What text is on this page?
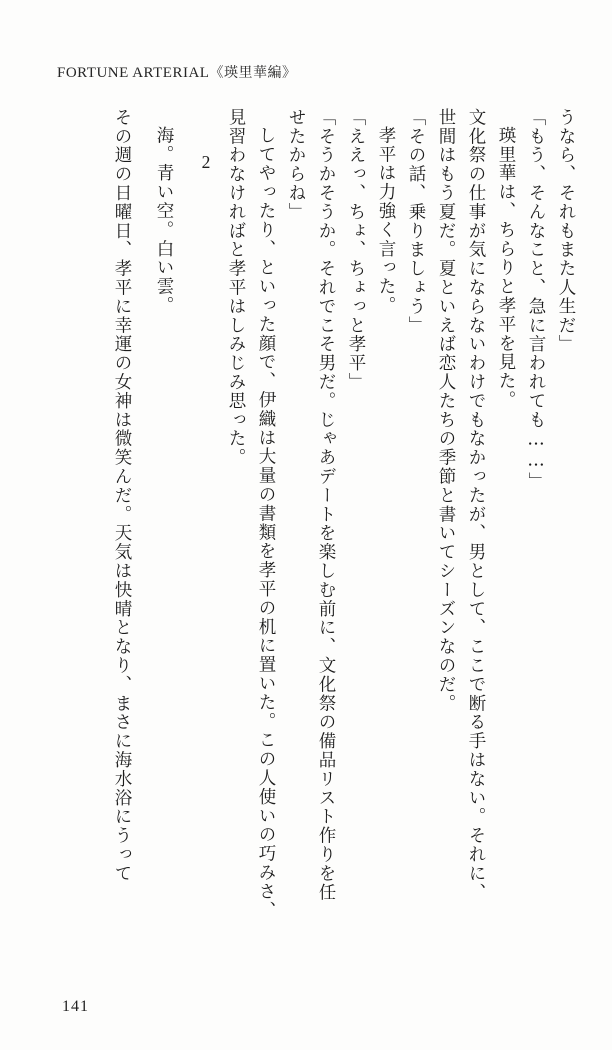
FORTUNE ARTERIAL《瑛里華編》
うなら、それもまた人生だ」
「もう、そんなこと、急に言われても……」
瑛里華は、ちらりと孝平を見た。
文化祭の仕事が気にならないわけでもなかったが、男として、ここで断る手はない。それに、
世間はもう夏だ。夏といえば恋人たちの季節と書いてシーズンなのだ。
「その話、乗りましょう」
孝平は力強く言った。
「ええっ、ちょ、ちょっと孝平」
「そうかそうか。それでこそ男だ。じゃあデートを楽しむ前に、文化祭の備品リスト作りを任
せたからね」
してやったり、といった顔で、伊織は大量の書類を孝平の机に置いた。この人使いの巧みさ、
見習わなければと孝平はしみじみ思った。
2
海。青い空。白い雲。
その週の日曜日、孝平に幸運の女神は微笑んだ。天気は快晴となり、まさに海水浴にうって
141
